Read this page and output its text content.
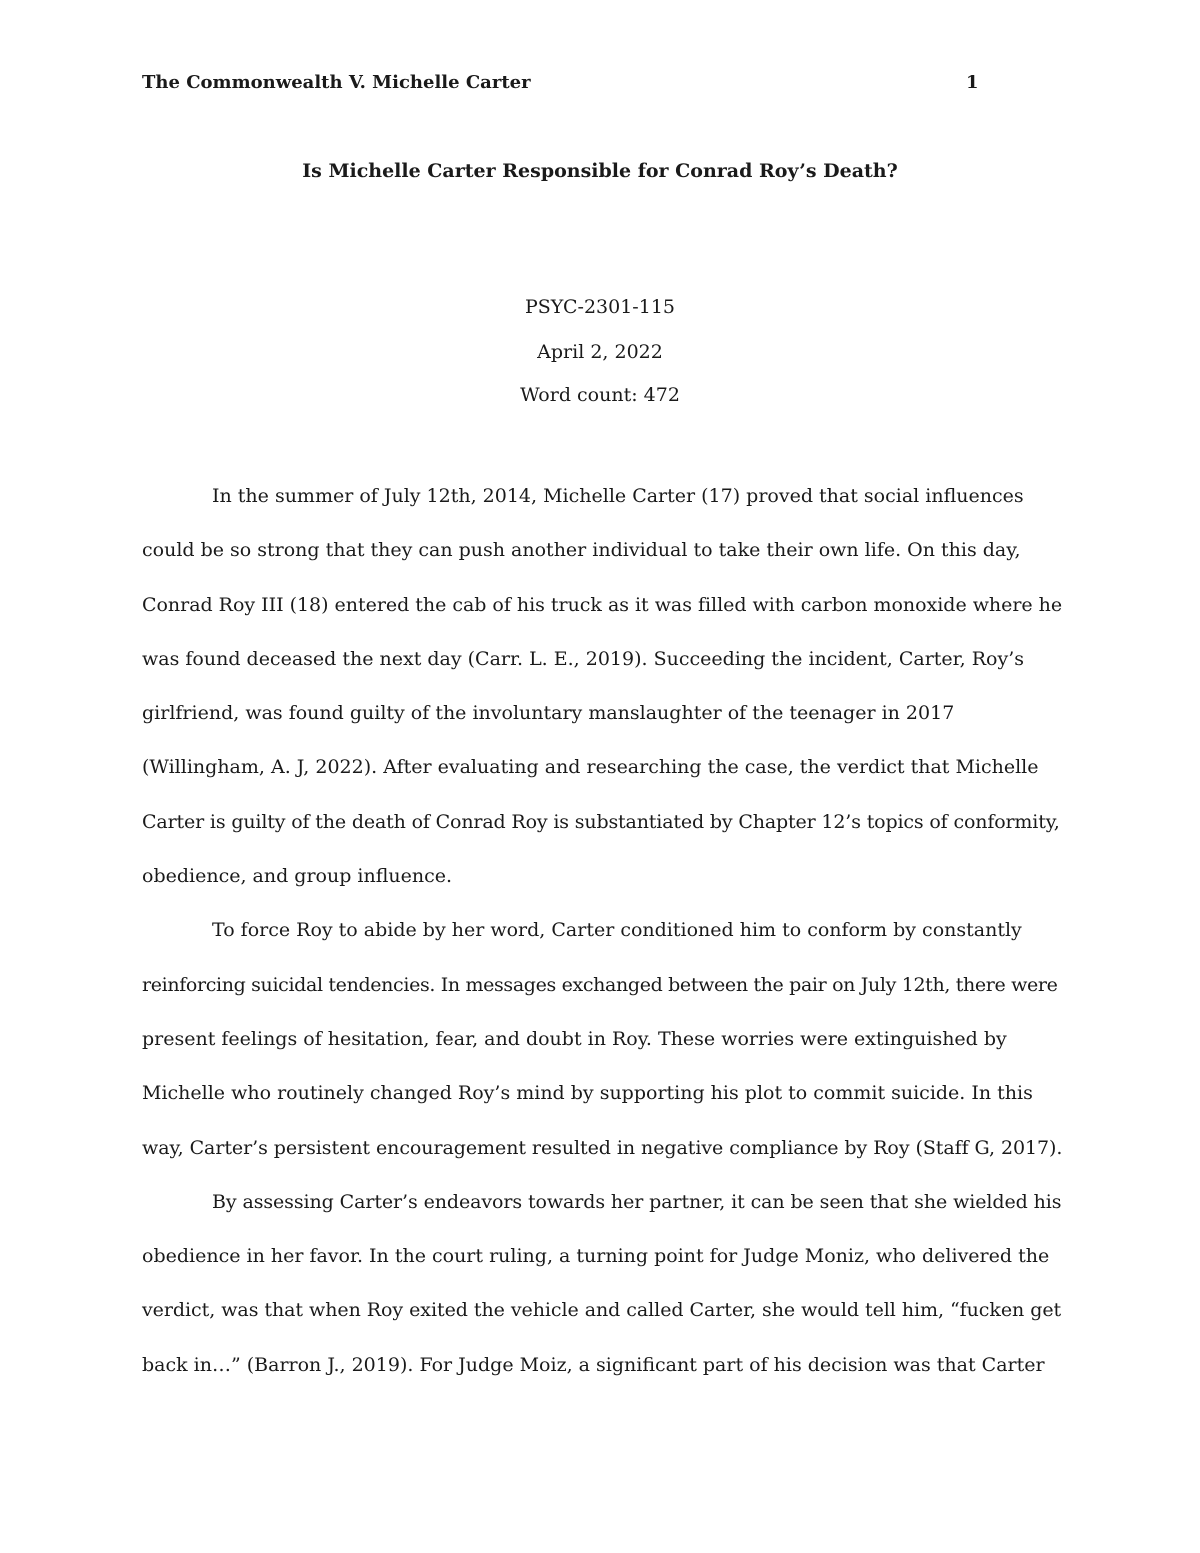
The Commonwealth V. Michelle Carter	1
Is Michelle Carter Responsible for Conrad Roy’s Death?
PSYC-2301-115
April 2, 2022
Word count: 472
In the summer of July 12th, 2014, Michelle Carter (17) proved that social influences
could be so strong that they can push another individual to take their own life. On this day,
Conrad Roy III (18) entered the cab of his truck as it was filled with carbon monoxide where he
was found deceased the next day (Carr. L. E., 2019). Succeeding the incident, Carter, Roy’s
girlfriend, was found guilty of the involuntary manslaughter of the teenager in 2017
(Willingham, A. J, 2022). After evaluating and researching the case, the verdict that Michelle
Carter is guilty of the death of Conrad Roy is substantiated by Chapter 12’s topics of conformity,
obedience, and group influence.
To force Roy to abide by her word, Carter conditioned him to conform by constantly
reinforcing suicidal tendencies. In messages exchanged between the pair on July 12th, there were
present feelings of hesitation, fear, and doubt in Roy. These worries were extinguished by
Michelle who routinely changed Roy’s mind by supporting his plot to commit suicide. In this
way, Carter’s persistent encouragement resulted in negative compliance by Roy (Staff G, 2017).
By assessing Carter’s endeavors towards her partner, it can be seen that she wielded his
obedience in her favor. In the court ruling, a turning point for Judge Moniz, who delivered the
verdict, was that when Roy exited the vehicle and called Carter, she would tell him, “fucken get
back in…” (Barron J., 2019). For Judge Moiz, a significant part of his decision was that Carter
